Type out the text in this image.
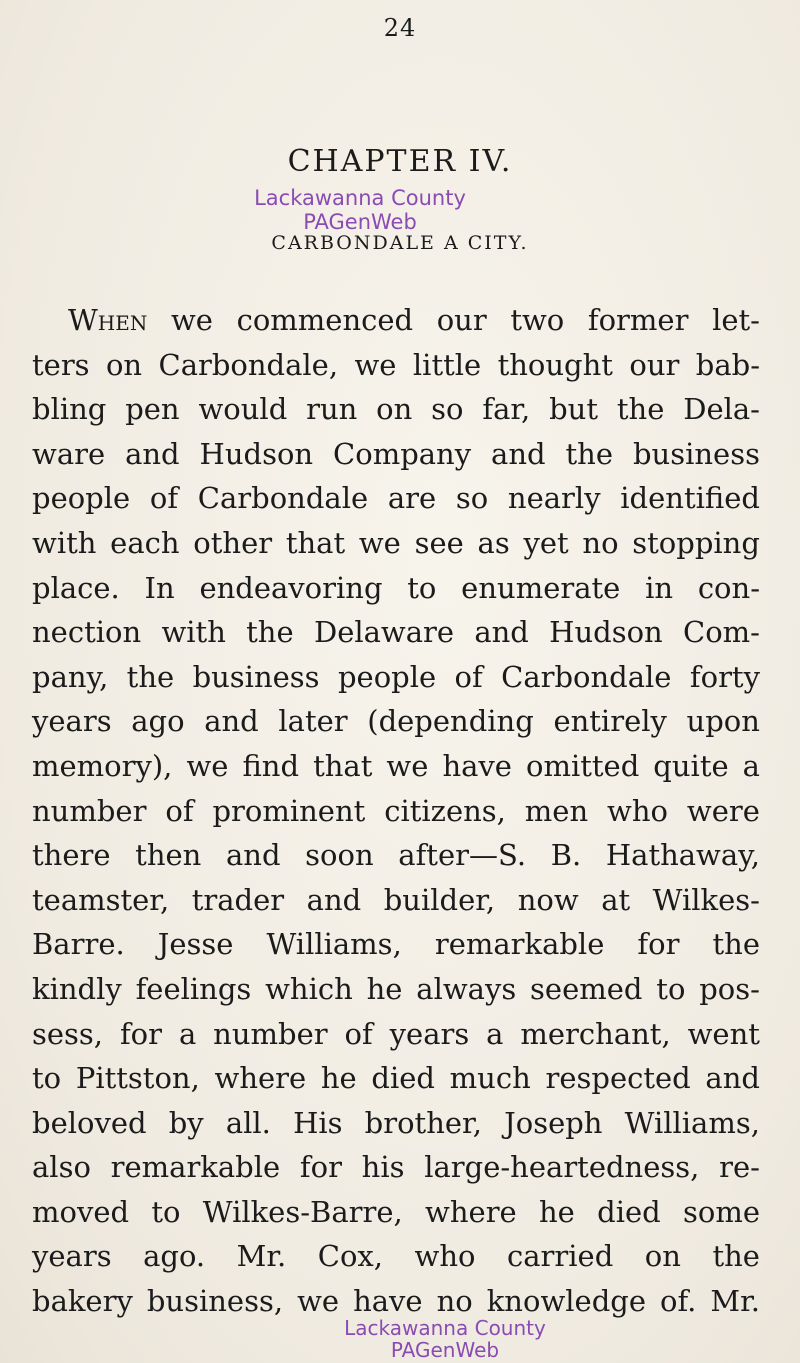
24
CHAPTER IV.
Lackawanna County
PAGenWeb
CARBONDALE A CITY.
When we commenced our two former let-
ters on Carbondale, we little thought our bab-
bling pen would run on so far, but the Dela-
ware and Hudson Company and the business
people of Carbondale are so nearly identified
with each other that we see as yet no stopping
place. In endeavoring to enumerate in con-
nection with the Delaware and Hudson Com-
pany, the business people of Carbondale forty
years ago and later (depending entirely upon
memory), we find that we have omitted quite a
number of prominent citizens, men who were
there then and soon after—S. B. Hathaway,
teamster, trader and builder, now at Wilkes-
Barre. Jesse Williams, remarkable for the
kindly feelings which he always seemed to pos-
sess, for a number of years a merchant, went
to Pittston, where he died much respected and
beloved by all. His brother, Joseph Williams,
also remarkable for his large-heartedness, re-
moved to Wilkes-Barre, where he died some
years ago. Mr. Cox, who carried on the
bakery business, we have no knowledge of. Mr.
Lackawanna County
PAGenWeb
